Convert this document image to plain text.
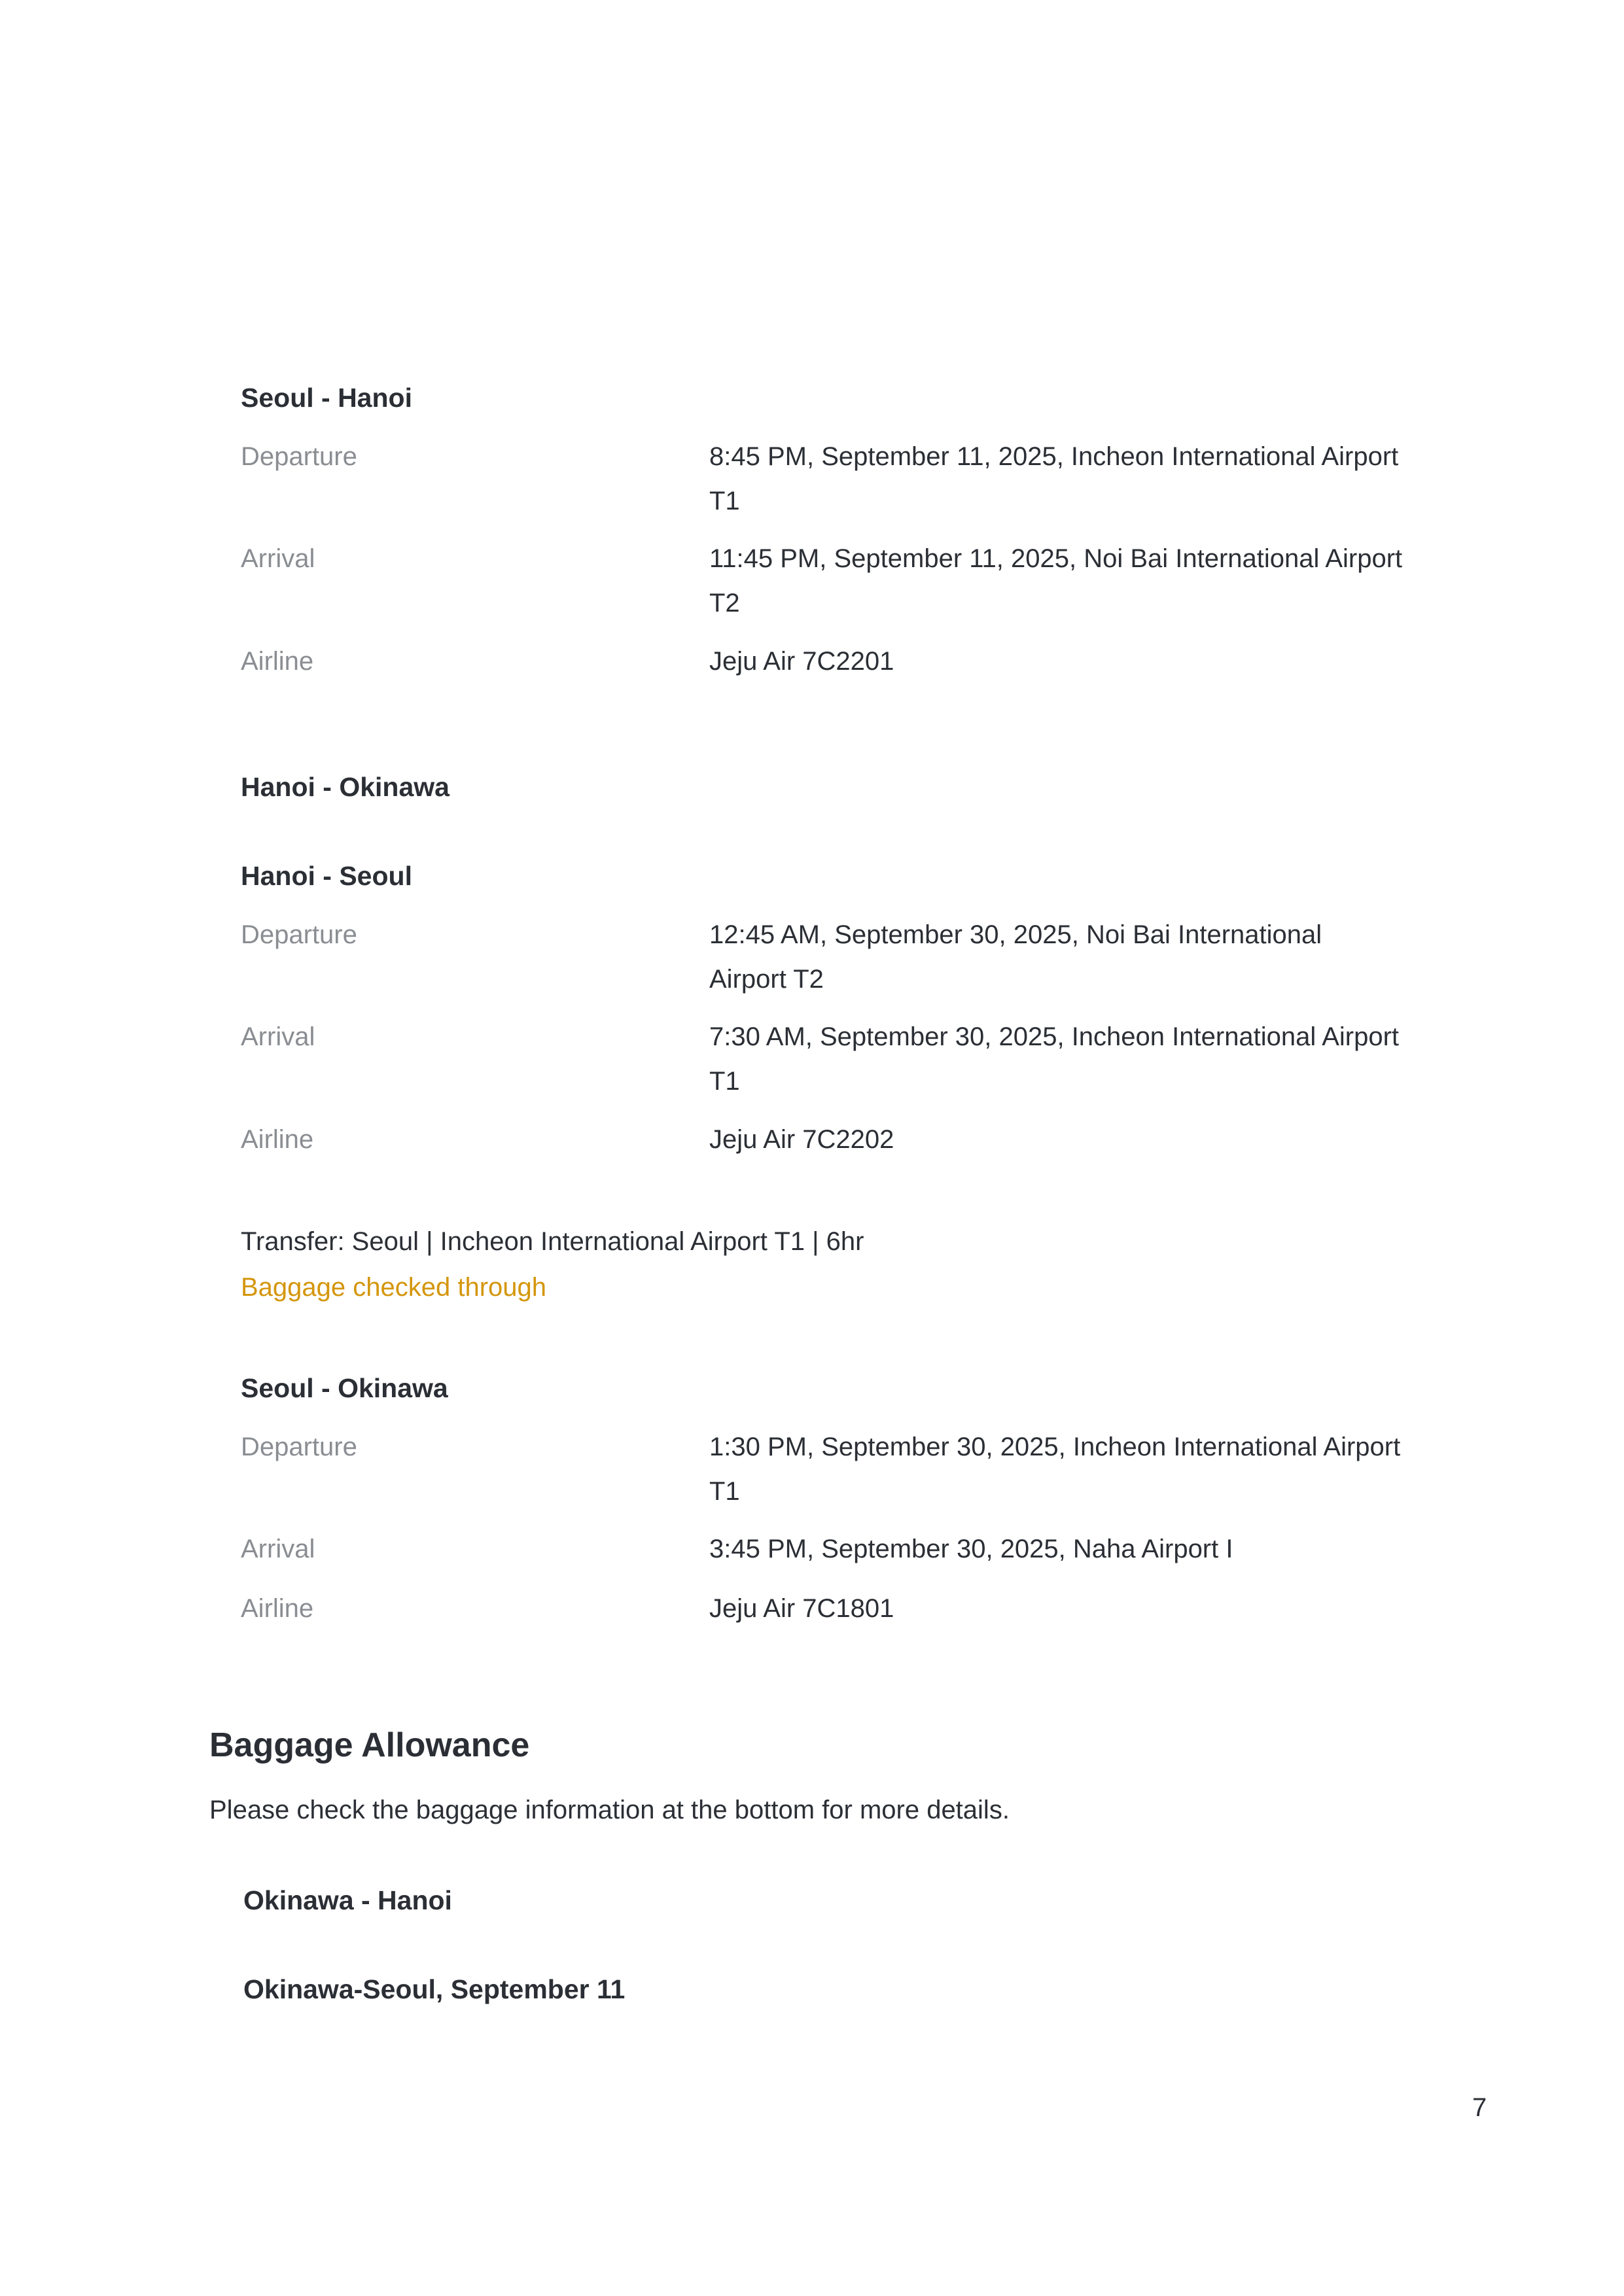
Seoul - Hanoi
Departure	8:45 PM, September 11, 2025, Incheon International Airport T1
Arrival	11:45 PM, September 11, 2025, Noi Bai International Airport T2
Airline	Jeju Air 7C2201
Hanoi - Okinawa
Hanoi - Seoul
Departure	12:45 AM, September 30, 2025, Noi Bai International Airport T2
Arrival	7:30 AM, September 30, 2025, Incheon International Airport T1
Airline	Jeju Air 7C2202
Transfer: Seoul | Incheon International Airport T1 | 6hr
Baggage checked through
Seoul - Okinawa
Departure	1:30 PM, September 30, 2025, Incheon International Airport T1
Arrival	3:45 PM, September 30, 2025, Naha Airport I
Airline	Jeju Air 7C1801
Baggage Allowance
Please check the baggage information at the bottom for more details.
Okinawa - Hanoi
Okinawa-Seoul, September 11
7
